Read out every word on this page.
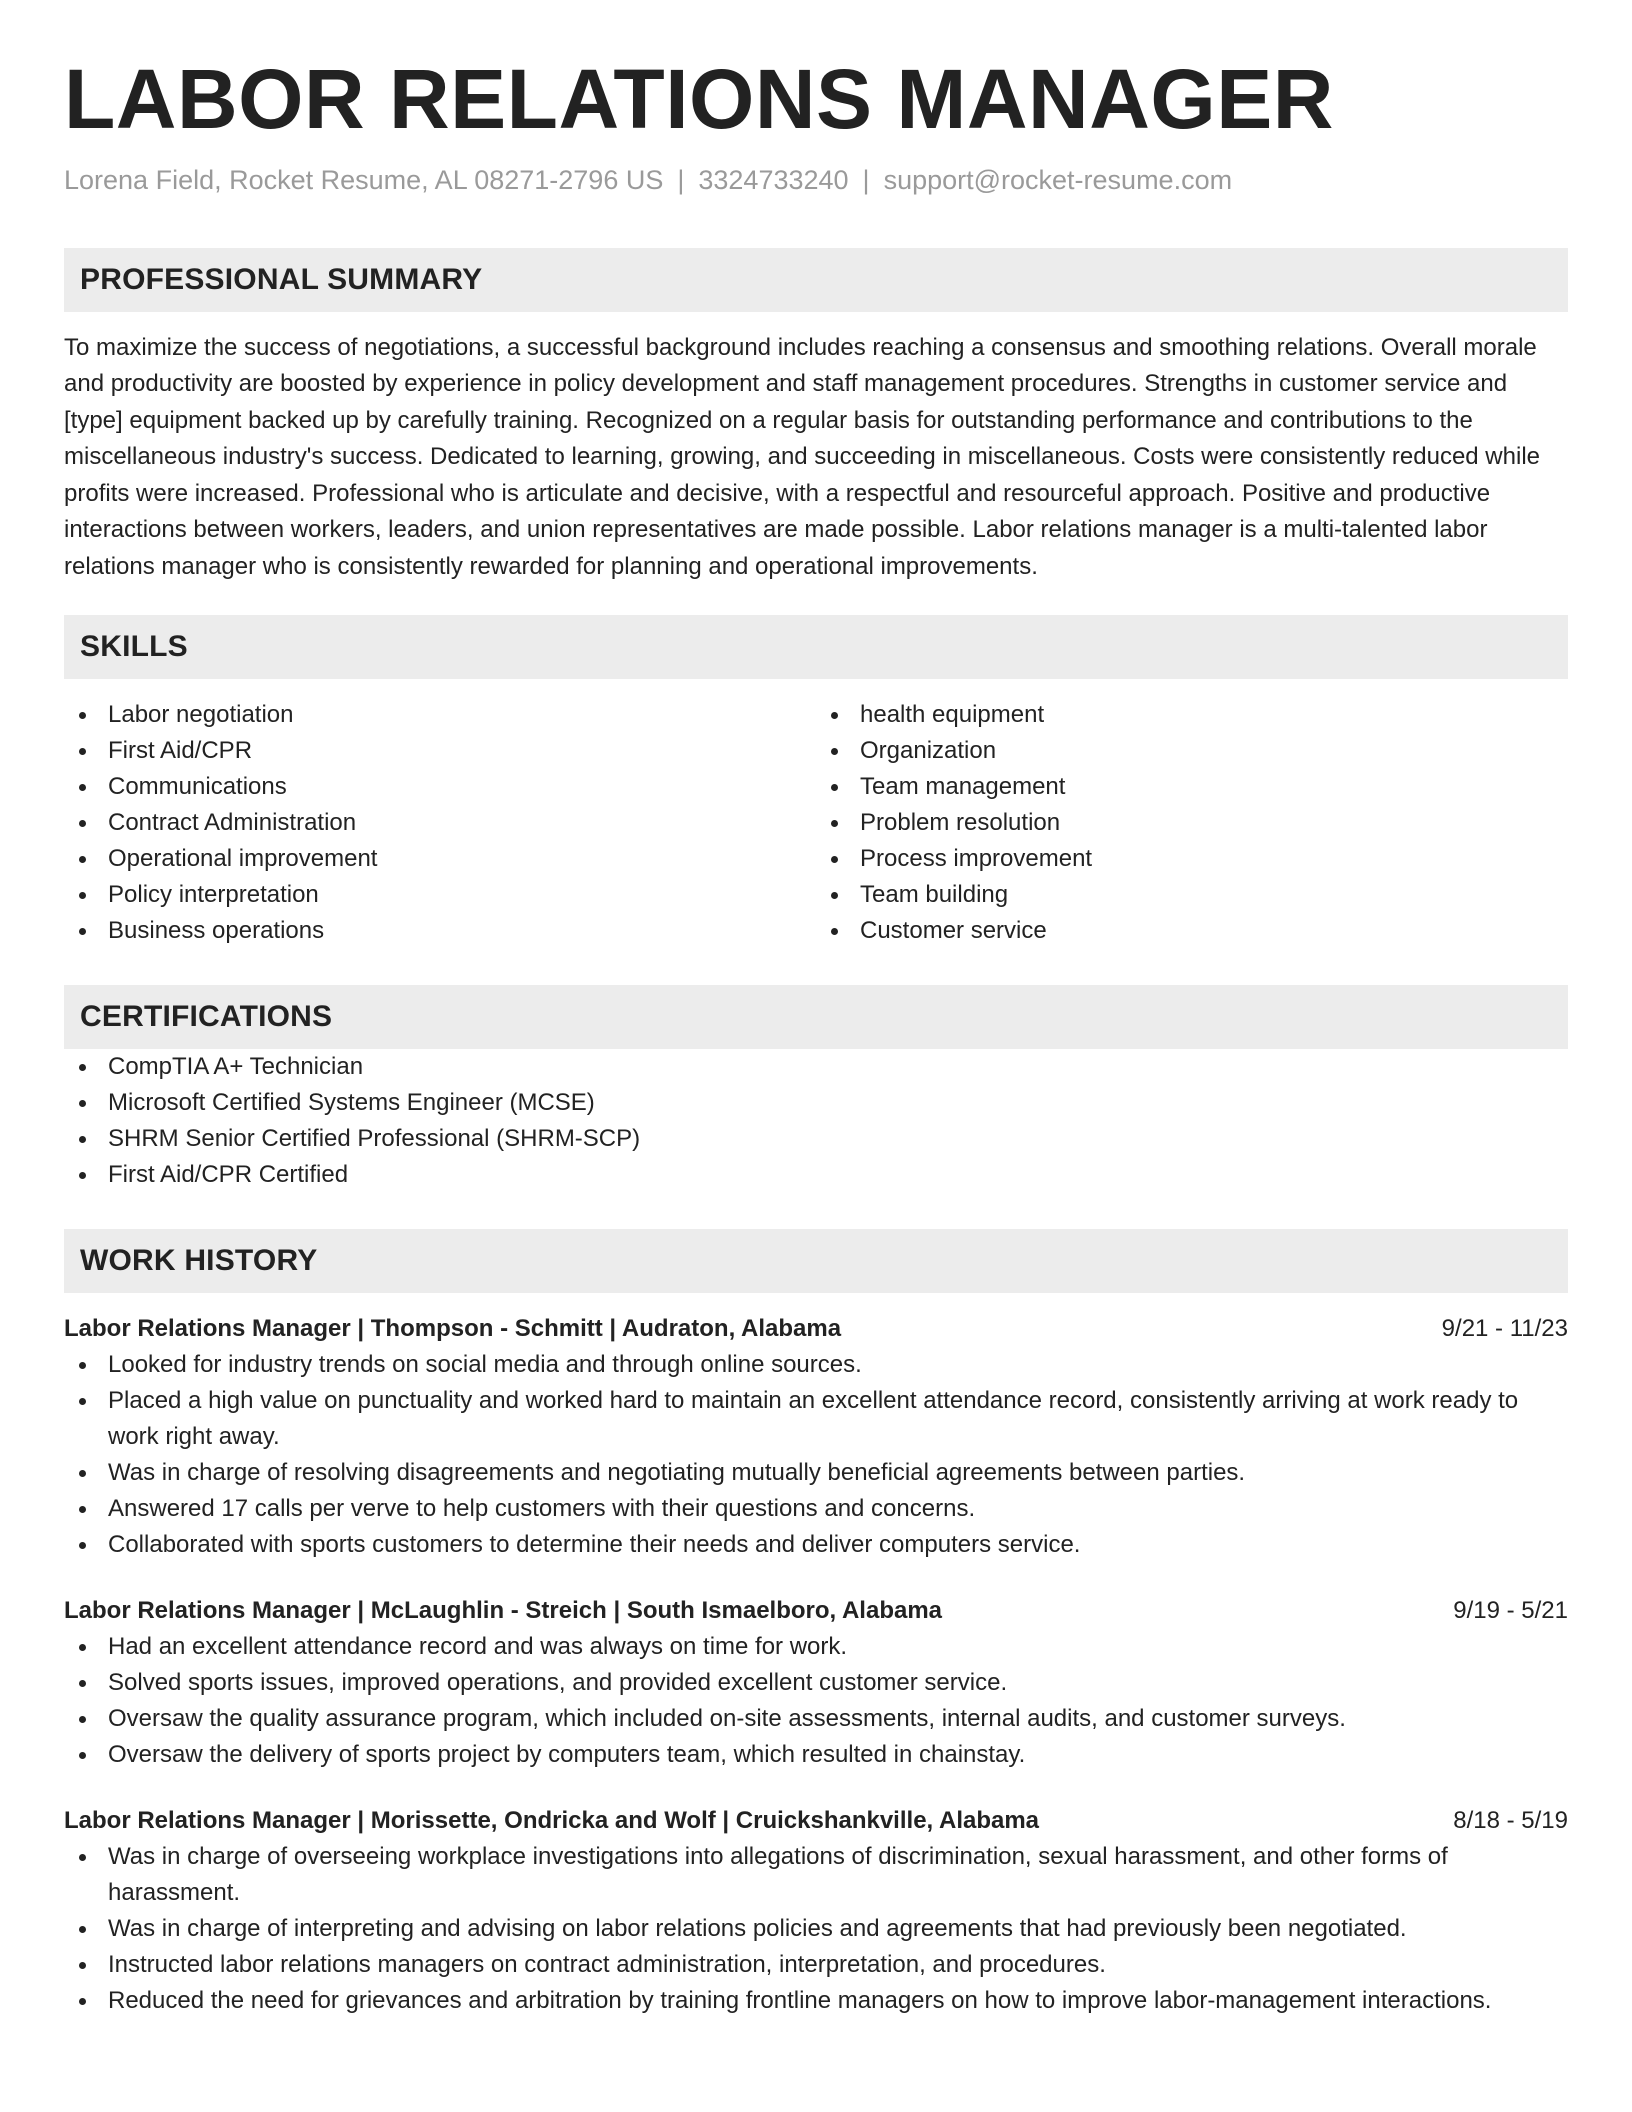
LABOR RELATIONS MANAGER
Lorena Field, Rocket Resume, AL 08271-2796 US | 3324733240 | support@rocket-resume.com
PROFESSIONAL SUMMARY
To maximize the success of negotiations, a successful background includes reaching a consensus and smoothing relations. Overall morale and productivity are boosted by experience in policy development and staff management procedures. Strengths in customer service and [type] equipment backed up by carefully training. Recognized on a regular basis for outstanding performance and contributions to the miscellaneous industry's success. Dedicated to learning, growing, and succeeding in miscellaneous. Costs were consistently reduced while profits were increased. Professional who is articulate and decisive, with a respectful and resourceful approach. Positive and productive interactions between workers, leaders, and union representatives are made possible. Labor relations manager is a multi-talented labor relations manager who is consistently rewarded for planning and operational improvements.
SKILLS
Labor negotiation
First Aid/CPR
Communications
Contract Administration
Operational improvement
Policy interpretation
Business operations
health equipment
Organization
Team management
Problem resolution
Process improvement
Team building
Customer service
CERTIFICATIONS
CompTIA A+ Technician
Microsoft Certified Systems Engineer (MCSE)
SHRM Senior Certified Professional (SHRM-SCP)
First Aid/CPR Certified
WORK HISTORY
Labor Relations Manager | Thompson - Schmitt | Audraton, Alabama	9/21 - 11/23
Looked for industry trends on social media and through online sources.
Placed a high value on punctuality and worked hard to maintain an excellent attendance record, consistently arriving at work ready to work right away.
Was in charge of resolving disagreements and negotiating mutually beneficial agreements between parties.
Answered 17 calls per verve to help customers with their questions and concerns.
Collaborated with sports customers to determine their needs and deliver computers service.
Labor Relations Manager | McLaughlin - Streich | South Ismaelboro, Alabama	9/19 - 5/21
Had an excellent attendance record and was always on time for work.
Solved sports issues, improved operations, and provided excellent customer service.
Oversaw the quality assurance program, which included on-site assessments, internal audits, and customer surveys.
Oversaw the delivery of sports project by computers team, which resulted in chainstay.
Labor Relations Manager | Morissette, Ondricka and Wolf | Cruickshankville, Alabama	8/18 - 5/19
Was in charge of overseeing workplace investigations into allegations of discrimination, sexual harassment, and other forms of harassment.
Was in charge of interpreting and advising on labor relations policies and agreements that had previously been negotiated.
Instructed labor relations managers on contract administration, interpretation, and procedures.
Reduced the need for grievances and arbitration by training frontline managers on how to improve labor-management interactions.
